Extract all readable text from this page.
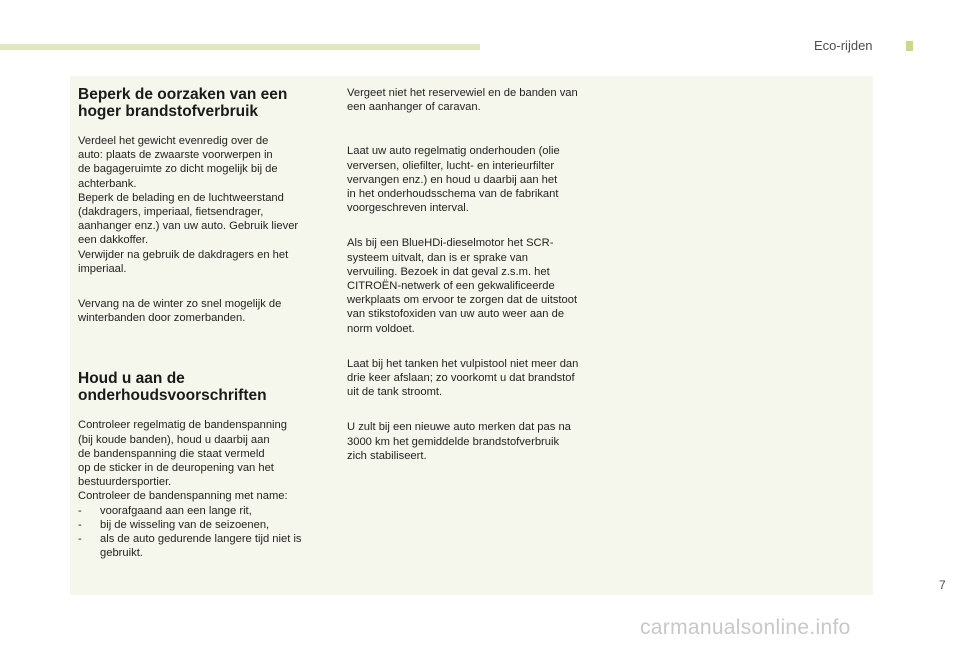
Eco-rijden
Beperk de oorzaken van een
hoger brandstofverbruik

Verdeel het gewicht evenredig over de
auto: plaats de zwaarste voorwerpen in
de bagageruimte zo dicht mogelijk bij de
achterbank.
Beperk de belading en de luchtweerstand
(dakdragers, imperiaal, fietsendrager,
aanhanger enz.) van uw auto. Gebruik liever
een dakkoffer.
Verwijder na gebruik de dakdragers en het
imperiaal.

Vervang na de winter zo snel mogelijk de
winterbanden door zomerbanden.

Houd u aan de
onderhoudsvoorschriften

Controleer regelmatig de bandenspanning
(bij koude banden), houd u daarbij aan
de bandenspanning die staat vermeld
op de sticker in de deuropening van het
bestuurdersportier.
Controleer de bandenspanning met name:

- voorafgaand aan een lange rit,
- bij de wisseling van de seizoenen,
- als de auto gedurende langere tijd niet is gebruikt.

Vergeet niet het reservewiel en de banden van
een aanhanger of caravan.

Laat uw auto regelmatig onderhouden (olie
verversen, oliefilter, lucht- en interieurfilter
vervangen enz.) en houd u daarbij aan het
in het onderhoudsschema van de fabrikant
voorgeschreven interval.

Als bij een BlueHDi-dieselmotor het SCR-
systeem uitvalt, dan is er sprake van
vervuiling. Bezoek in dat geval z.s.m. het
CITROËN-netwerk of een gekwalificeerde
werkplaats om ervoor te zorgen dat de uitstoot
van stikstofoxiden van uw auto weer aan de
norm voldoet.

Laat bij het tanken het vulpistool niet meer dan
drie keer afslaan; zo voorkomt u dat brandstof
uit de tank stroomt.

U zult bij een nieuwe auto merken dat pas na
3000 km het gemiddelde brandstofverbruik
zich stabiliseert.

7
carmanualsonline.info
